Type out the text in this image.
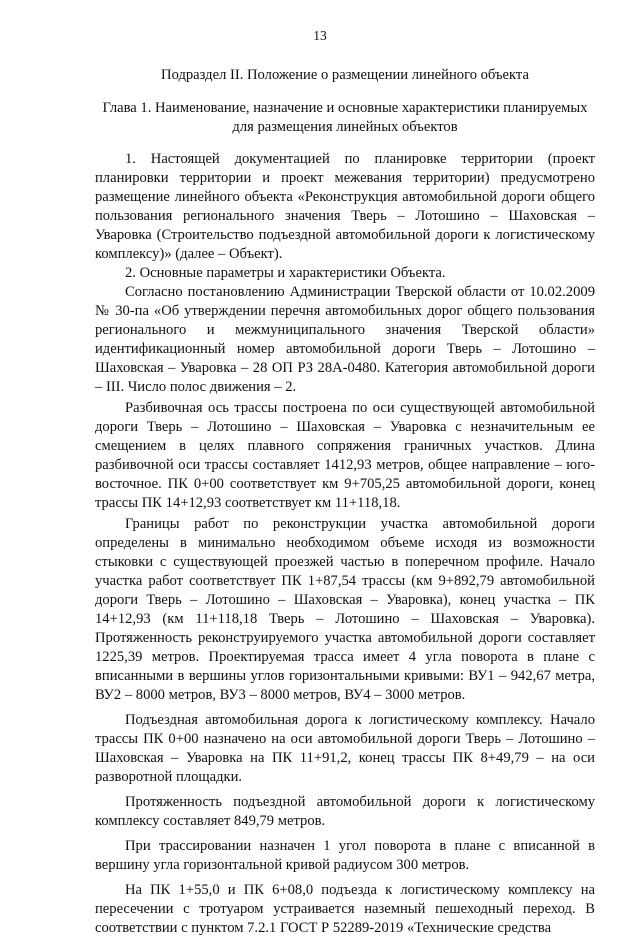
13
Подраздел II. Положение о размещении линейного объекта
Глава 1. Наименование, назначение и основные характеристики планируемых для размещения линейных объектов

1. Настоящей документацией по планировке территории (проект планировки территории и проект межевания территории) предусмотрено размещение линейного объекта «Реконструкция автомобильной дороги общего пользования регионального значения Тверь – Лотошино – Шаховская – Уваровка (Строительство подъездной автомобильной дороги к логистическому комплексу)» (далее – Объект).

2. Основные параметры и характеристики Объекта.

Согласно постановлению Администрации Тверской области от 10.02.2009 № 30-па «Об утверждении перечня автомобильных дорог общего пользования регионального и межмуниципального значения Тверской области» идентификационный номер автомобильной дороги Тверь – Лотошино – Шаховская – Уваровка – 28 ОП РЗ 28А-0480. Категория автомобильной дороги – III. Число полос движения – 2.

Разбивочная ось трассы построена по оси существующей автомобильной дороги Тверь – Лотошино – Шаховская – Уваровка с незначительным ее смещением в целях плавного сопряжения граничных участков. Длина разбивочной оси трассы составляет 1412,93 метров, общее направление – юго-восточное. ПК 0+00 соответствует км 9+705,25 автомобильной дороги, конец трассы ПК 14+12,93 соответствует км 11+118,18.

Границы работ по реконструкции участка автомобильной дороги определены в минимально необходимом объеме исходя из возможности стыковки с существующей проезжей частью в поперечном профиле. Начало участка работ соответствует ПК 1+87,54 трассы (км 9+892,79 автомобильной дороги Тверь – Лотошино – Шаховская – Уваровка), конец участка – ПК 14+12,93 (км 11+118,18 Тверь – Лотошино – Шаховская – Уваровка). Протяженность реконструируемого участка автомобильной дороги составляет 1225,39 метров. Проектируемая трасса имеет 4 угла поворота в плане с вписанными в вершины углов горизонтальными кривыми: ВУ1 – 942,67 метра, ВУ2 – 8000 метров, ВУ3 – 8000 метров, ВУ4 – 3000 метров.

Подъездная автомобильная дорога к логистическому комплексу. Начало трассы ПК 0+00 назначено на оси автомобильной дороги Тверь – Лотошино – Шаховская – Уваровка на ПК 11+91,2, конец трассы ПК 8+49,79 – на оси разворотной площадки.

Протяженность подъездной автомобильной дороги к логистическому комплексу составляет 849,79 метров.

При трассировании назначен 1 угол поворота в плане с вписанной в вершину угла горизонтальной кривой радиусом 300 метров.

На ПК 1+55,0 и ПК 6+08,0 подъезда к логистическому комплексу на пересечении с тротуаром устраивается наземный пешеходный переход. В соответствии с пунктом 7.2.1 ГОСТ Р 52289-2019 «Технические средства
